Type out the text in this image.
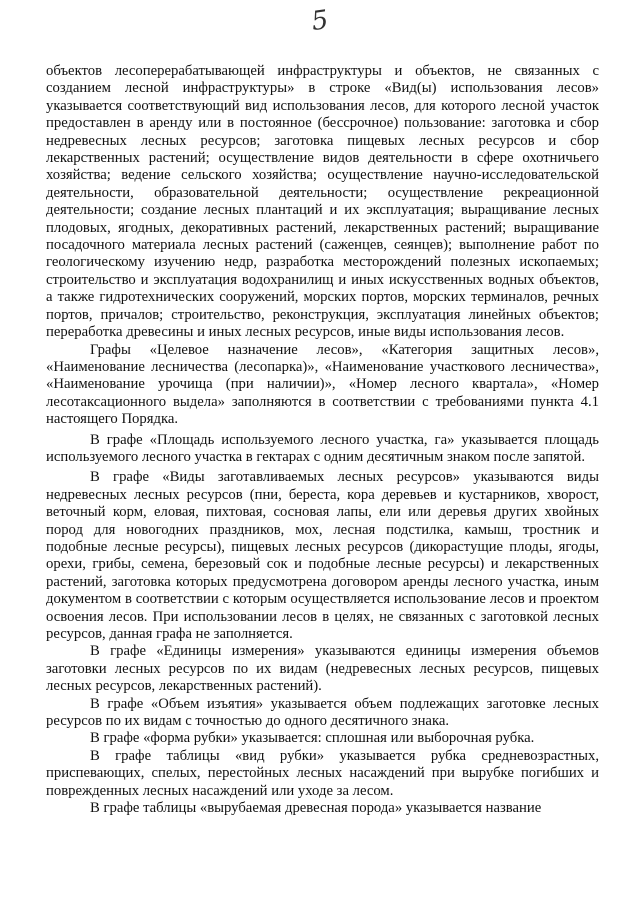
5

объектов лесоперерабатывающей инфраструктуры и объектов, не связанных с созданием лесной инфраструктуры» в строке «Вид(ы) использования лесов» указывается соответствующий вид использования лесов, для которого лесной участок предоставлен в аренду или в постоянное (бессрочное) пользование: заготовка и сбор недревесных лесных ресурсов; заготовка пищевых лесных ресурсов и сбор лекарственных растений; осуществление видов деятельности в сфере охотничьего хозяйства; ведение сельского хозяйства; осуществление научно-исследовательской деятельности, образовательной деятельности; осуществление рекреационной деятельности; создание лесных плантаций и их эксплуатация; выращивание лесных плодовых, ягодных, декоративных растений, лекарственных растений; выращивание посадочного материала лесных растений (саженцев, сеянцев); выполнение работ по геологическому изучению недр, разработка месторождений полезных ископаемых; строительство и эксплуатация водохранилищ и иных искусственных водных объектов, а также гидротехнических сооружений, морских портов, морских терминалов, речных портов, причалов; строительство, реконструкция, эксплуатация линейных объектов; переработка древесины и иных лесных ресурсов, иные виды использования лесов.

Графы «Целевое назначение лесов», «Категория защитных лесов», «Наименование лесничества (лесопарка)», «Наименование участкового лесничества», «Наименование урочища (при наличии)», «Номер лесного квартала», «Номер лесотаксационного выдела» заполняются в соответствии с требованиями пункта 4.1 настоящего Порядка.

В графе «Площадь используемого лесного участка, га» указывается площадь используемого лесного участка в гектарах с одним десятичным знаком после запятой.

В графе «Виды заготавливаемых лесных ресурсов» указываются виды недревесных лесных ресурсов (пни, береста, кора деревьев и кустарников, хворост, веточный корм, еловая, пихтовая, сосновая лапы, ели или деревья других хвойных пород для новогодних праздников, мох, лесная подстилка, камыш, тростник и подобные лесные ресурсы), пищевых лесных ресурсов (дикорастущие плоды, ягоды, орехи, грибы, семена, березовый сок и подобные лесные ресурсы) и лекарственных растений, заготовка которых предусмотрена договором аренды лесного участка, иным документом в соответствии с которым осуществляется использование лесов и проектом освоения лесов. При использовании лесов в целях, не связанных с заготовкой лесных ресурсов, данная графа не заполняется.

В графе «Единицы измерения» указываются единицы измерения объемов заготовки лесных ресурсов по их видам (недревесных лесных ресурсов, пищевых лесных ресурсов, лекарственных растений).

В графе «Объем изъятия» указывается объем подлежащих заготовке лесных ресурсов по их видам с точностью до одного десятичного знака.

В графе «форма рубки» указывается: сплошная или выборочная рубка.

В графе таблицы «вид рубки» указывается рубка средневозрастных, приспевающих, спелых, перестойных лесных насаждений при вырубке погибших и поврежденных лесных насаждений или уходе за лесом.

В графе таблицы «вырубаемая древесная порода» указывается название
